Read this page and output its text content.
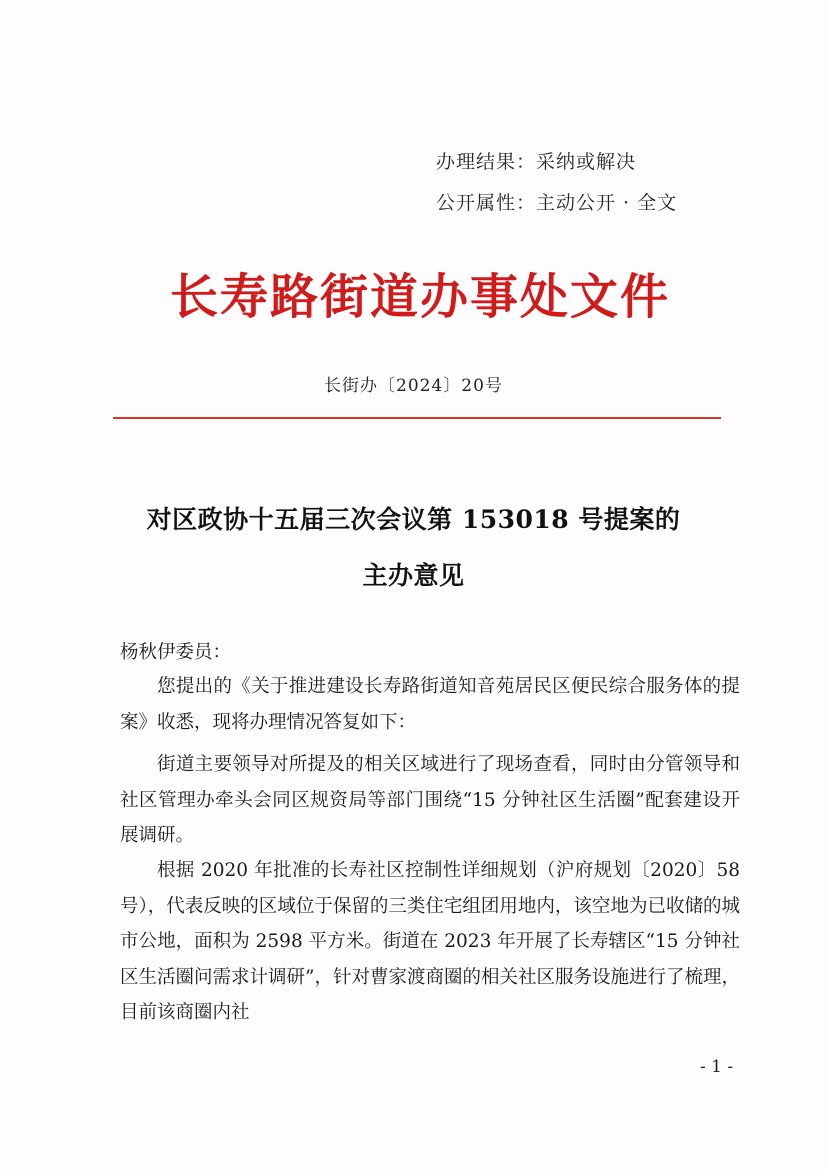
办理结果：采纳或解决
公开属性：主动公开 · 全文
长寿路街道办事处文件
长街办〔2024〕20号
对区政协十五届三次会议第 153018 号提案的
主办意见
杨秋伊委员：
您提出的《关于推进建设长寿路街道知音苑居民区便民综合服务体的提案》收悉，现将办理情况答复如下：
街道主要领导对所提及的相关区域进行了现场查看，同时由分管领导和社区管理办牵头会同区规资局等部门围绕“15 分钟社区生活圈”配套建设开展调研。
根据 2020 年批准的长寿社区控制性详细规划（沪府规划〔2020〕58 号），代表反映的区域位于保留的三类住宅组团用地内，该空地为已收储的城市公地，面积为 2598 平方米。街道在 2023 年开展了长寿辖区“15 分钟社区生活圈问需求计调研”，针对曹家渡商圈的相关社区服务设施进行了梳理，目前该商圈内社
- 1 -
